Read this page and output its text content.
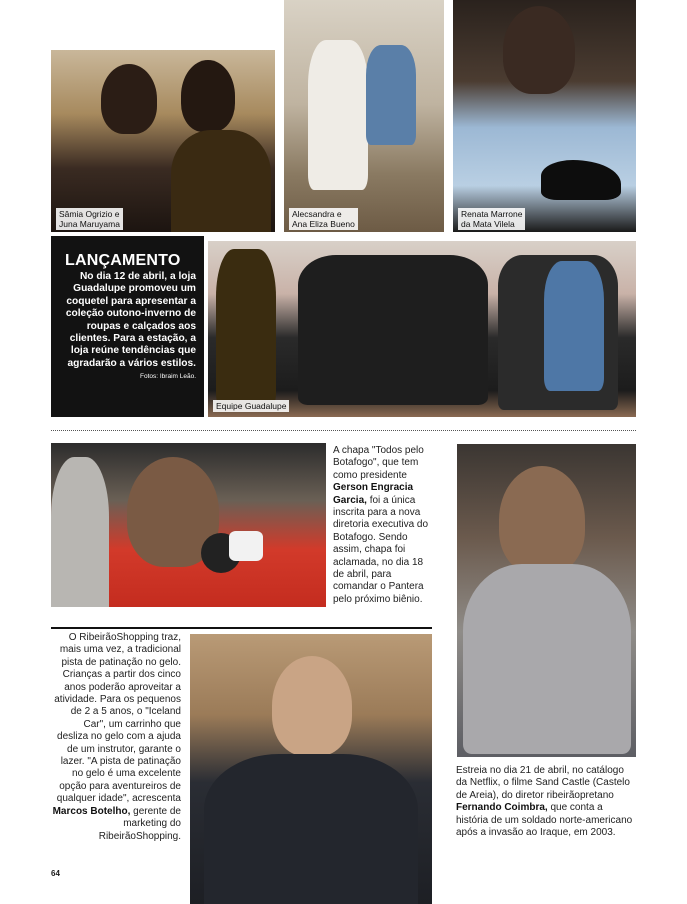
Sâmia Ogrizio e
Juna Maruyama
Alecsandra e
Ana Eliza Bueno
Renata Marrone
da Mata Vilela
LANÇAMENTO
No dia 12 de abril, a loja Guadalupe promoveu um coquetel para apresentar a coleção outono-inverno de roupas e calçados aos clientes. Para a estação, a loja reúne tendências que agradarão a vários estilos. Fotos: Ibraim Leão.
Equipe Guadalupe
A chapa "Todos pelo Botafogo", que tem como presidente Gerson Engracia Garcia, foi a única inscrita para a nova diretoria executiva do Botafogo. Sendo assim, chapa foi aclamada, no dia 18 de abril, para comandar o Pantera pelo próximo biênio.
O RibeirãoShopping traz, mais uma vez, a tradicional pista de patinação no gelo. Crianças a partir dos cinco anos poderão aproveitar a atividade. Para os pequenos de 2 a 5 anos, o "Iceland Car", um carrinho que desliza no gelo com a ajuda de um instrutor, garante o lazer. "A pista de patinação no gelo é uma excelente opção para aventureiros de qualquer idade", acrescenta Marcos Botelho, gerente de marketing do RibeirãoShopping.
Estreia no dia 21 de abril, no catálogo da Netflix, o filme Sand Castle (Castelo de Areia), do diretor ribeirãopretano Fernando Coimbra, que conta a história de um soldado norte-americano após a invasão ao Iraque, em 2003.
64
